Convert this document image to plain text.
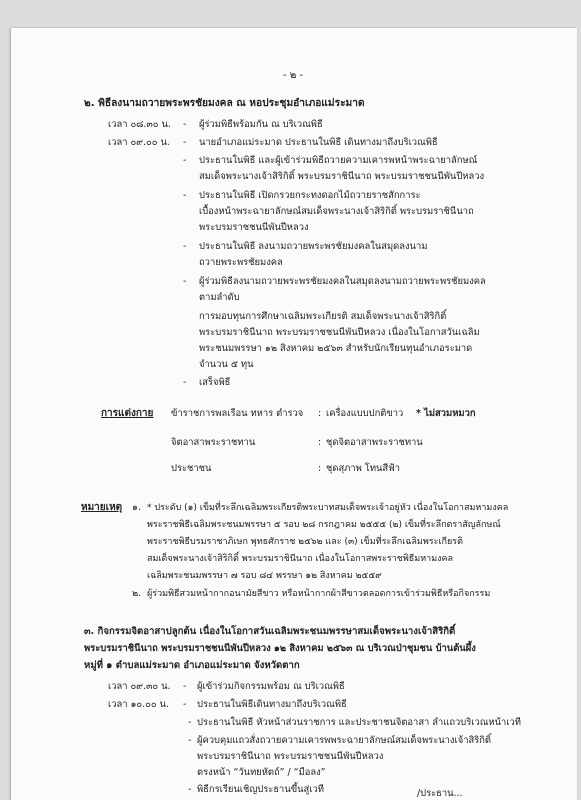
- ๒ -
๒. พิธีลงนามถวายพระพรชัยมงคล ณ หอประชุมอำเภอแม่ระมาด
เวลา ๐๘.๓๐ น. - ผู้ร่วมพิธีพร้อมกัน ณ บริเวณพิธี
เวลา ๐๙.๐๐ น. - นายอำเภอแม่ระมาด ประธานในพิธี เดินทางมาถึงบริเวณพิธี
- ประธานในพิธี และผู้เข้าร่วมพิธีถวายความเคารพหน้าพระฉายาลักษณ์
สมเด็จพระนางเจ้าสิริกิติ์ พระบรมราชินีนาถ พระบรมราชชนนีพันปีหลวง
- ประธานในพิธี เปิดกรวยกระทงดอกไม้ถวายราชสักการะ
เบื้องหน้าพระฉายาลักษณ์สมเด็จพระนางเจ้าสิริกิติ์ พระบรมราชินีนาถ
พระบรมราชชนนีพันปีหลวง
- ประธานในพิธี ลงนามถวายพระพรชัยมงคลในสมุดลงนาม
ถวายพระพรชัยมงคล
- ผู้ร่วมพิธีลงนามถวายพระพรชัยมงคลในสมุดลงนามถวายพระพรชัยมงคล
ตามลำดับ
การมอบทุนการศึกษาเฉลิมพระเกียรติ สมเด็จพระนางเจ้าสิริกิติ์
พระบรมราชินีนาถ พระบรมราชชนนีพันปีหลวง เนื่องในโอกาสวันเฉลิม
พระชนมพรรษา ๑๒ สิงหาคม ๒๕๖๓ สำหรับนักเรียนทุนอำเภอระมาด
จำนวน ๕ ทุน
- เสร็จพิธี
การแต่งกาย ข้าราชการพลเรือน ทหาร ตำรวจ : เครื่องแบบปกติขาว * ไม่สวมหมวก
จิตอาสาพระราชทาน	: ชุดจิตอาสาพระราชทาน
ประชาชน	: ชุดสุภาพ โทนสีฟ้า
หมายเหตุ ๑. * ประดับ (๑) เข็มที่ระลึกเฉลิมพระเกียรติพระบาทสมเด็จพระเจ้าอยู่หัว เนื่องในโอกาสมหามงคล
พระราชพิธีเฉลิมพระชนมพรรษา ๕ รอบ ๒๘ กรกฎาคม ๒๕๕๕ (๒) เข็มที่ระลึกตราสัญลักษณ์
พระราชพิธีบรมราชาภิเษก พุทธศักราช ๒๕๖๒ และ (๓) เข็มที่ระลึกเฉลิมพระเกียรติ
สมเด็จพระนางเจ้าสิริกิติ์ พระบรมราชินีนาถ เนื่องในโอกาสพระราชพิธีมหามงคล
เฉลิมพระชนมพรรษา ๗ รอบ ๘๔ พรรษา ๑๒ สิงหาคม ๒๕๕๙
๒. ผู้ร่วมพิธีสวมหน้ากากอนามัยสีขาว หรือหน้ากากผ้าสีขาวตลอดการเข้าร่วมพิธีหรือกิจกรรม
๓. กิจกรรมจิตอาสาปลูกต้น เนื่องในโอกาสวันเฉลิมพระชนมพรรษาสมเด็จพระนางเจ้าสิริกิติ์
พระบรมราชินีนาถ พระบรมราชชนนีพันปีหลวง ๑๒ สิงหาคม ๒๕๖๓ ณ บริเวณป่าชุมชน บ้านต้นผึ้ง
หมู่ที่ ๑ ตำบลแม่ระมาด อำเภอแม่ระมาด จังหวัดตาก
เวลา ๐๙.๓๐ น. - ผู้เข้าร่วมกิจกรรมพร้อม ณ บริเวณพิธี
เวลา ๑๐.๐๐ น. - ประธานในพิธีเดินทางมาถึงบริเวณพิธี
- ประธานในพิธี หัวหน้าส่วนราชการ และประชาชนจิตอาสา ลำแถวบริเวณหน้าเวที
- ผู้ควบคุมแถวสั่งถวายความเคารพพระฉายาลักษณ์สมเด็จพระนางเจ้าสิริกิติ์
พระบรมราชินีนาถ พระบรมราชชนนีพันปีหลวง
ตรงหน้า “วันทยหัตถ์” / “มือลง”
- พิธีกรเรียนเชิญประธานขึ้นสู่เวที	/ประธาน...
